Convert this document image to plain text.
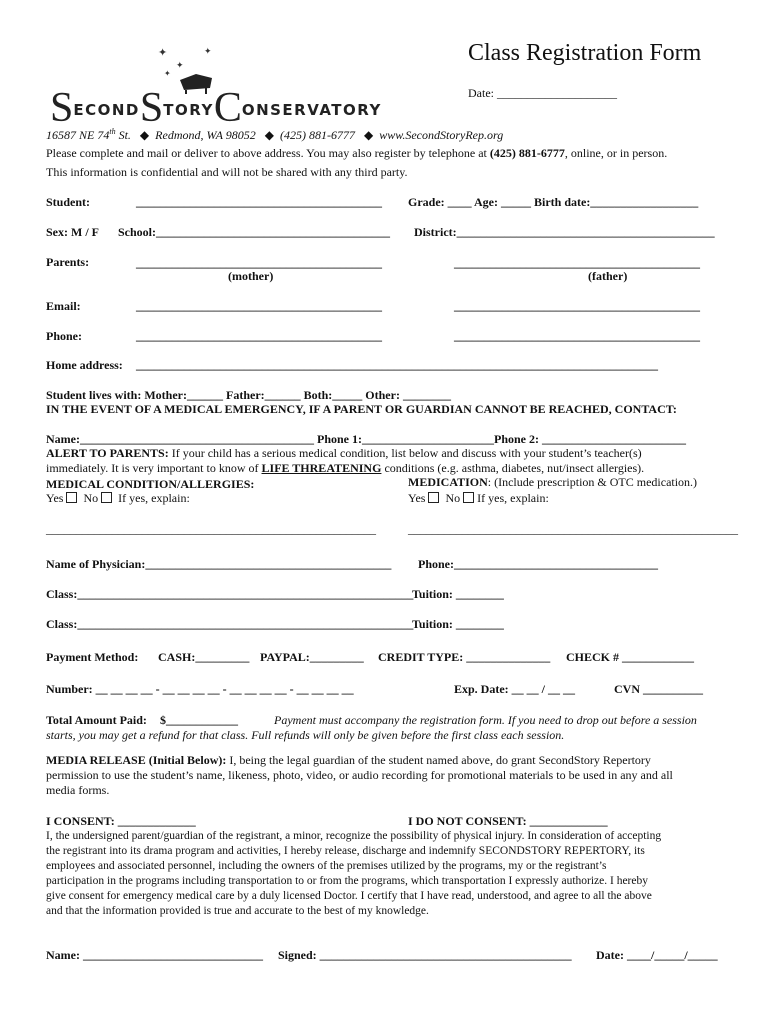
✦
✦
✦
✦
SECONDSTORYCONSERVATORY
Class Registration Form
Date: ____________________
16587 NE 74th St. ◆ Redmond, WA 98052 ◆ (425) 881-6777 ◆ www.SecondStoryRep.org
Please complete and mail or deliver to above address. You may also register by telephone at (425) 881-6777, online, or in person.
This information is confidential and will not be shared with any third party.
Student:	_________________________________________ Grade: ____ Age: _____ Birth date:__________________
Sex: M / F School:_______________________________________ District:___________________________________________
Parents:	_________________________________________	_________________________________________
(mother)	(father)
Email:	_________________________________________	_________________________________________
Phone:	_________________________________________	_________________________________________
Home address: _______________________________________________________________________________________
Student lives with: Mother:______ Father:______ Both:_____ Other: ________
IN THE EVENT OF A MEDICAL EMERGENCY, IF A PARENT OR GUARDIAN CANNOT BE REACHED, CONTACT:
Name:_______________________________________ Phone 1:______________________Phone 2: ________________________
ALERT TO PARENTS: If your child has a serious medical condition, list below and discuss with your student’s teacher(s)
immediately. It is very important to know of LIFE THREATENING conditions (e.g. asthma, diabetes, nut/insect allergies).
MEDICAL CONDITION/ALLERGIES:	MEDICATION: (Include prescription & OTC medication.)
Yes No If yes, explain:	Yes No If yes, explain:
_______________________________________________________	_______________________________________________________
Name of Physician:_________________________________________ Phone:__________________________________
Class:________________________________________________________
Tuition: ________
Class:________________________________________________________
Tuition: ________
Payment Method: CASH:_________ PAYPAL:_________ CREDIT TYPE: ______________ CHECK # ____________
Number: __ __ __ __ - __ __ __ __ - __ __ __ __ - __ __ __ __	Exp. Date: __ __ / __ __	CVN __________
Total Amount Paid: $____________	Payment must accompany the registration form. If you need to drop out before a session
starts, you may get a refund for that class. Full refunds will only be given before the first class each session.
MEDIA RELEASE (Initial Below): I, being the legal guardian of the student named above, do grant SecondStory Repertory
permission to use the student’s name, likeness, photo, video, or audio recording for promotional materials to be used in any and all
media forms.
I CONSENT: _____________	I DO NOT CONSENT: _____________
I, the undersigned parent/guardian of the registrant, a minor, recognize the possibility of physical injury. In consideration of accepting
the registrant into its drama program and activities, I hereby release, discharge and indemnify SECONDSTORY REPERTORY, its
employees and associated personnel, including the owners of the premises utilized by the programs, my or the registrant’s
participation in the programs including transportation to or from the programs, which transportation I expressly authorize. I hereby
give consent for emergency medical care by a duly licensed Doctor. I certify that I have read, understood, and agree to all the above
and that the information provided is true and accurate to the best of my knowledge.
Name: ______________________________ Signed: __________________________________________ Date: ____/_____/_____
